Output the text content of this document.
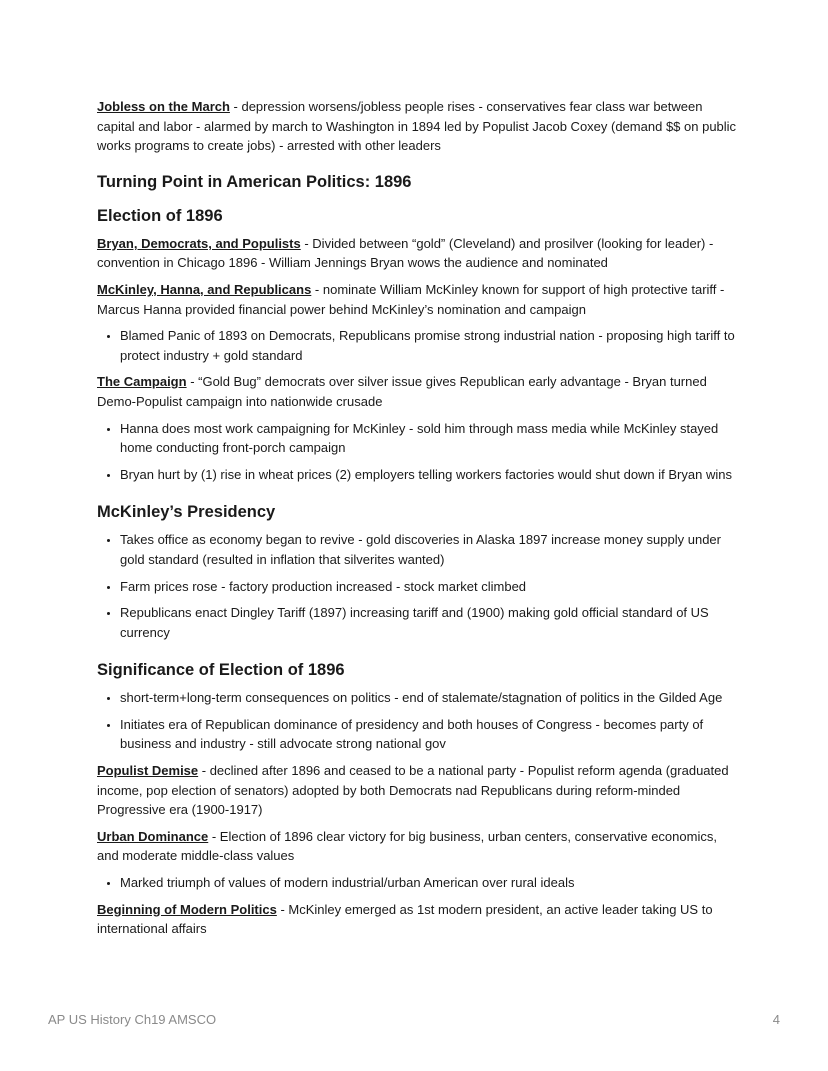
Jobless on the March - depression worsens/jobless people rises - conservatives fear class war between capital and labor - alarmed by march to Washington in 1894 led by Populist Jacob Coxey (demand $$ on public works programs to create jobs) - arrested with other leaders

Turning Point in American Politics: 1896
Election of 1896

Bryan, Democrats, and Populists - Divided between “gold” (Cleveland) and prosilver (looking for leader) - convention in Chicago 1896 - William Jennings Bryan wows the audience and nominated

McKinley, Hanna, and Republicans - nominate William McKinley known for support of high protective tariff - Marcus Hanna provided financial power behind McKinley’s nomination and campaign

• Blamed Panic of 1893 on Democrats, Republicans promise strong industrial nation - proposing high tariff to protect industry + gold standard

The Campaign - “Gold Bug” democrats over silver issue gives Republican early advantage - Bryan turned Demo-Populist campaign into nationwide crusade

• Hanna does most work campaigning for McKinley - sold him through mass media while McKinley stayed home conducting front-porch campaign
• Bryan hurt by (1) rise in wheat prices (2) employers telling workers factories would shut down if Bryan wins
McKinley’s Presidency
• Takes office as economy began to revive - gold discoveries in Alaska 1897 increase money supply under gold standard (resulted in inflation that silverites wanted)
• Farm prices rose - factory production increased - stock market climbed
• Republicans enact Dingley Tariff (1897) increasing tariff and (1900) making gold official standard of US currency
Significance of Election of 1896
• short-term+long-term consequences on politics - end of stalemate/stagnation of politics in the Gilded Age
• Initiates era of Republican dominance of presidency and both houses of Congress - becomes party of business and industry - still advocate strong national gov

Populist Demise - declined after 1896 and ceased to be a national party - Populist reform agenda (graduated income, pop election of senators) adopted by both Democrats nad Republicans during reform-minded Progressive era (1900-1917)

Urban Dominance - Election of 1896 clear victory for big business, urban centers, conservative economics, and moderate middle-class values

• Marked triumph of values of modern industrial/urban American over rural ideals

Beginning of Modern Politics - McKinley emerged as 1st modern president, an active leader taking US to international affairs

AP US History Ch19 AMSCO	4
